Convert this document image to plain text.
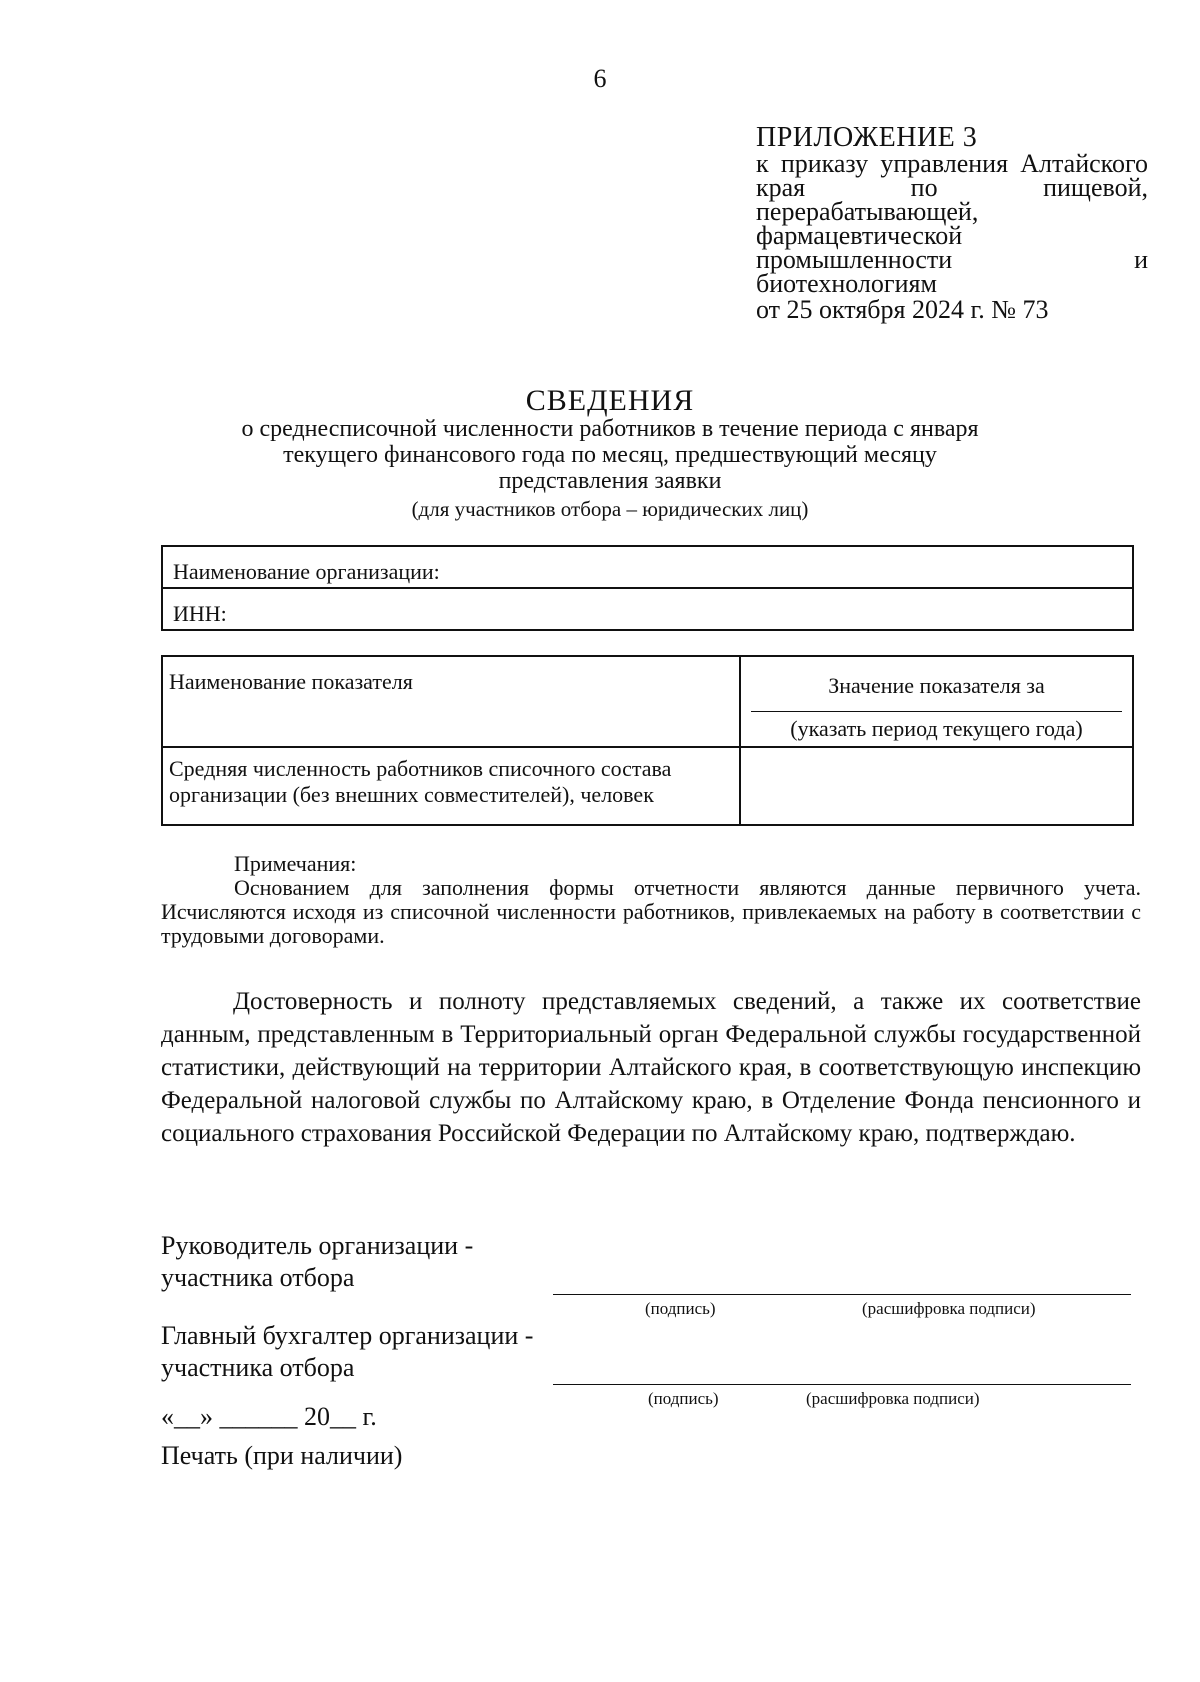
6
ПРИЛОЖЕНИЕ 3
к приказу управления Алтайского края по пищевой, перерабатывающей, фармацевтической промышленности и биотехнологиям
от 25 октября 2024 г. № 73
СВЕДЕНИЯ
о среднесписочной численности работников в течение периода с января
текущего финансового года по месяц, предшествующий месяцу
представления заявки
(для участников отбора – юридических лиц)
Наименование организации:
ИНН:
Наименование показателя	Значение показателя за
(указать период текущего года)

Средняя численность работников списочного состава организации (без внешних совместителей), человек	
Примечания:
Основанием для заполнения формы отчетности являются данные первичного учета. Исчисляются исходя из списочной численности работников, привлекаемых на работу в соответствии с трудовыми договорами.
Достоверность и полноту представляемых сведений, а также их соответствие данным, представленным в Территориальный орган Федеральной службы государственной статистики, действующий на территории Алтайского края, в соответствующую инспекцию Федеральной налоговой службы по Алтайскому краю, в Отделение Фонда пенсионного и социального страхования Российской Федерации по Алтайскому краю, подтверждаю.
Руководитель организации -
участника отбора
(подпись)	(расшифровка подписи)
Главный бухгалтер организации -
участника отбора
(подпись)	(расшифровка подписи)
«__» ______ 20__ г.
Печать (при наличии)
